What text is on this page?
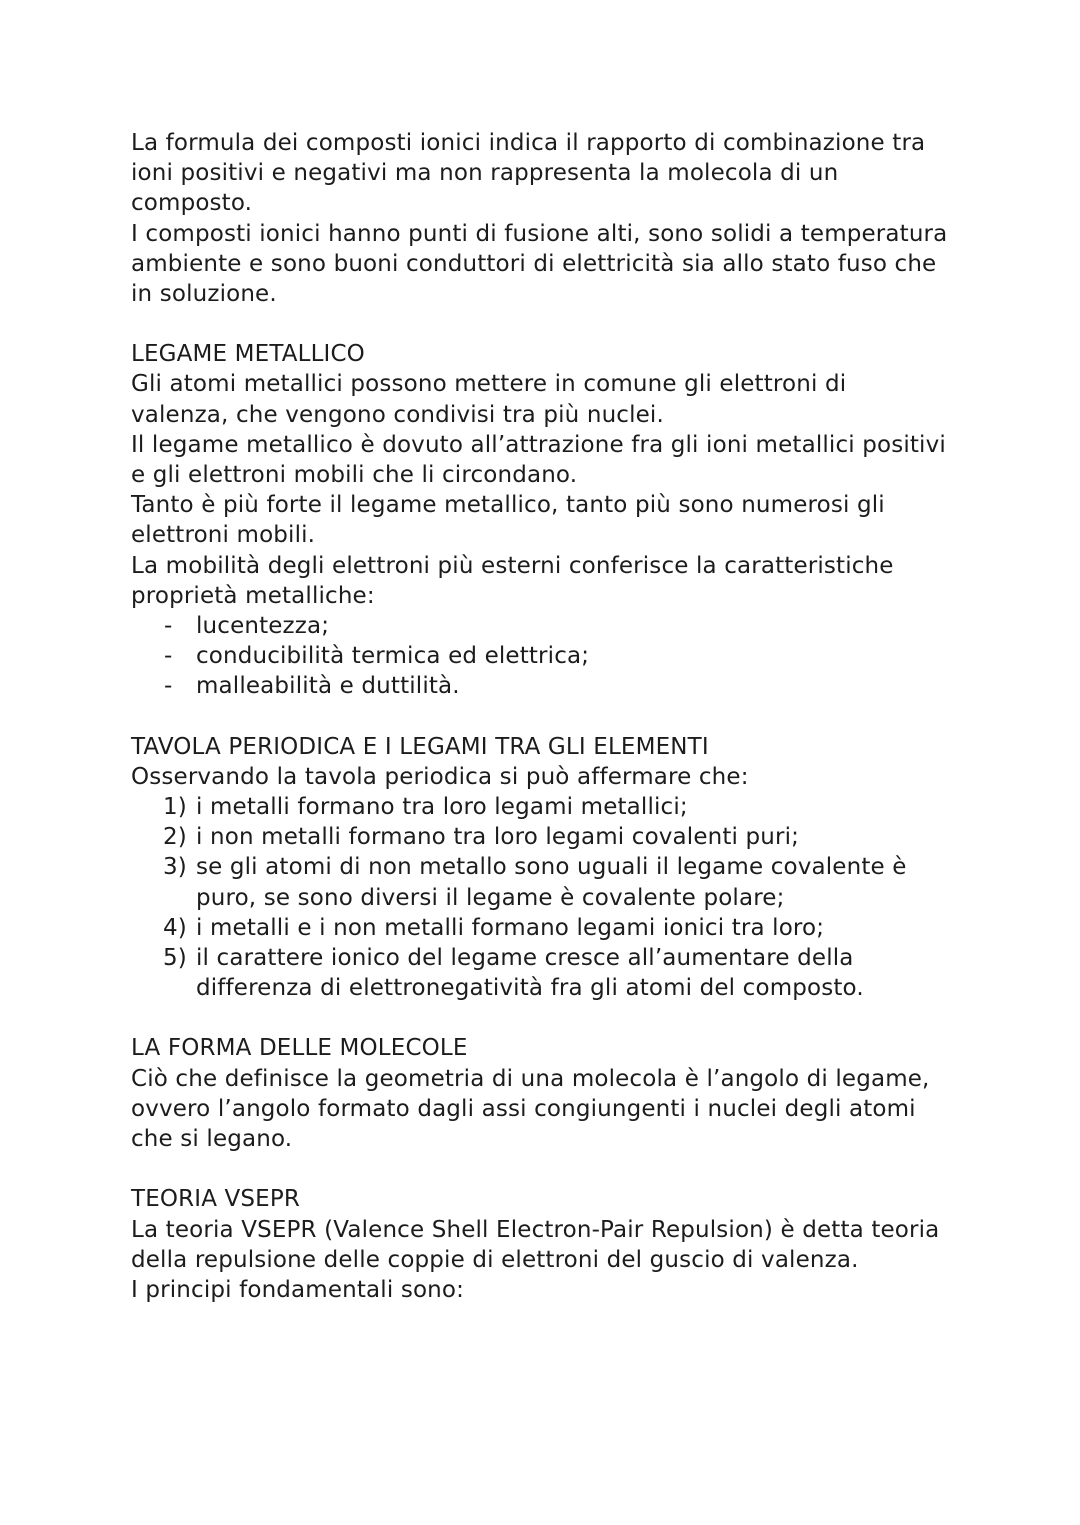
La formula dei composti ionici indica il rapporto di combinazione tra ioni positivi e negativi ma non rappresenta la molecola di un composto.

I composti ionici hanno punti di fusione alti, sono solidi a temperatura ambiente e sono buoni conduttori di elettricità sia allo stato fuso che in soluzione.

LEGAME METALLICO

Gli atomi metallici possono mettere in comune gli elettroni di valenza, che vengono condivisi tra più nuclei.

Il legame metallico è dovuto all’attrazione fra gli ioni metallici positivi e gli elettroni mobili che li circondano.

Tanto è più forte il legame metallico, tanto più sono numerosi gli elettroni mobili.

La mobilità degli elettroni più esterni conferisce la caratteristiche proprietà metalliche:

- lucentezza;
- conducibilità termica ed elettrica;
- malleabilità e duttilità.
TAVOLA PERIODICA E I LEGAMI TRA GLI ELEMENTI

Osservando la tavola periodica si può affermare che:

1) i metalli formano tra loro legami metallici;
2) i non metalli formano tra loro legami covalenti puri;
3) se gli atomi di non metallo sono uguali il legame covalente è puro, se sono diversi il legame è covalente polare;
4) i metalli e i non metalli formano legami ionici tra loro;
5) il carattere ionico del legame cresce all’aumentare della differenza di elettronegatività fra gli atomi del composto.
LA FORMA DELLE MOLECOLE

Ciò che definisce la geometria di una molecola è l’angolo di legame, ovvero l’angolo formato dagli assi congiungenti i nuclei degli atomi che si legano.

TEORIA VSEPR

La teoria VSEPR (Valence Shell Electron-Pair Repulsion) è detta teoria della repulsione delle coppie di elettroni del guscio di valenza.

I principi fondamentali sono:
